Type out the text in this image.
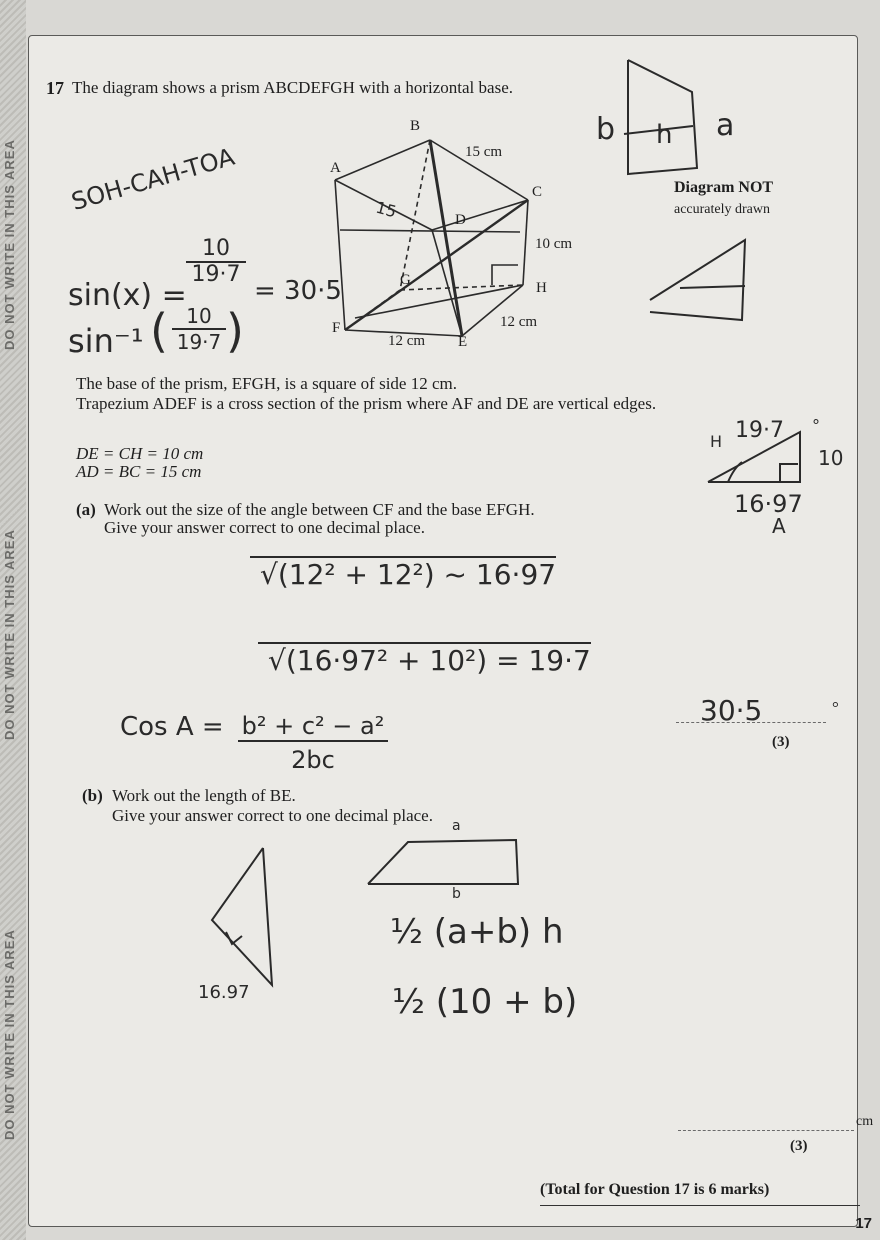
DO NOT WRITE IN THIS AREA
DO NOT WRITE IN THIS AREA
DO NOT WRITE IN THIS AREA
17 The diagram shows a prism ABCDEFGH with a horizontal base.
B
A
C
D
G	H
F
E
15 cm
10 cm
12 cm
12 cm
15
Diagram NOT
accurately drawn
b h a
SOH-CAH-TOA
sin(x) =
10
19·7
sin⁻¹ ( 10
19·7 )
= 30·5
The base of the prism, EFGH, is a square of side 12 cm.
Trapezium ADEF is a cross section of the prism where AF and DE are vertical edges.
DE = CH = 10 cm
AD = BC = 15 cm
19·7 °
H
10
16·97
A
(a) Work out the size of the angle between CF and the base EFGH.
Give your answer correct to one decimal place.
√(12² + 12²) ~ 16·97
√(16·97² + 10²) = 19·7
Cos A = b² + c² − a²
2bc
30·5	°
(3)
(b) Work out the length of BE.
Give your answer correct to one decimal place.
a
b
½ (a+b) h
½ (10 + b)
16.97
cm
(3)
(Total for Question 17 is 6 marks)
17
